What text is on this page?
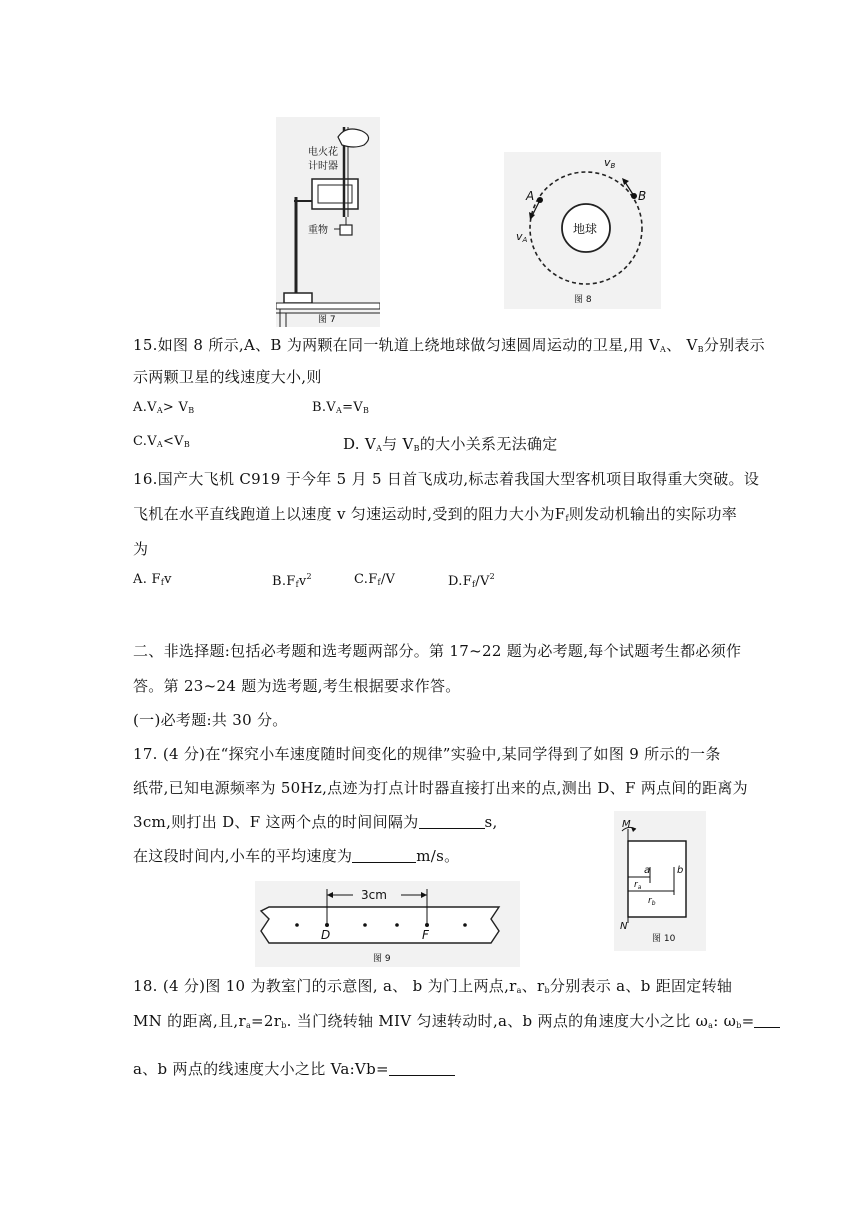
电火花
计时器
重物
图 7
地球
A	B
vA
vB
图 8
15.如图 8 所示,A、B 为两颗在同一轨道上绕地球做匀速圆周运动的卫星,用 $V_A$、 $V_B$分别表示
示两颗卫星的线速度大小,则
$A.V_A> V_B$	$B.V_A=V_B$
$C.V_A<V_B$	D. $V_A$与 $V_B$的大小关系无法确定
16.国产大飞机 C919 于今年 5 月 5 日首飞成功,标志着我国大型客机项目取得重大突破。设
飞机在水平直线跑道上以速度 v 匀速运动时,受到的阻力大小为$F_f$则发动机输出的实际功率
为
A. $F_fv$	$B.F_fv^2$	$C.F_f/V$	$D.F_f/V^2$
二、非选择题:包括必考题和选考题两部分。第 17~22 题为必考题,每个试题考生都必须作
答。第 23~24 题为选考题,考生根据要求作答。
(一)必考题:共 30 分。
17. (4 分)在“探究小车速度随时间变化的规律”实验中,某同学得到了如图 9 所示的一条
纸带,已知电源频率为 50Hz,点迹为打点计时器直接打出来的点,测出 D、F 两点间的距离为
3cm,则打出 D、F 这两个点的时间间隔为	s,
在这段时间内,小车的平均速度为	m/s。
3cm
D	F
图 9
M
N
a	b
$r_a$
$r_b$
图 10
18. (4 分)图 10 为教室门的示意图, a、 b 为门上两点$,r_a$、$r_b$分别表示 a、b 距固定转轴
MN 的距离,且$,r_a=2r_b$. 当门绕转轴 MIV 匀速转动时,a、b 两点的角速度大小之比 $\omega_a$: $\omega_b=$
a、b 两点的线速度大小之比 Va:Vb=
